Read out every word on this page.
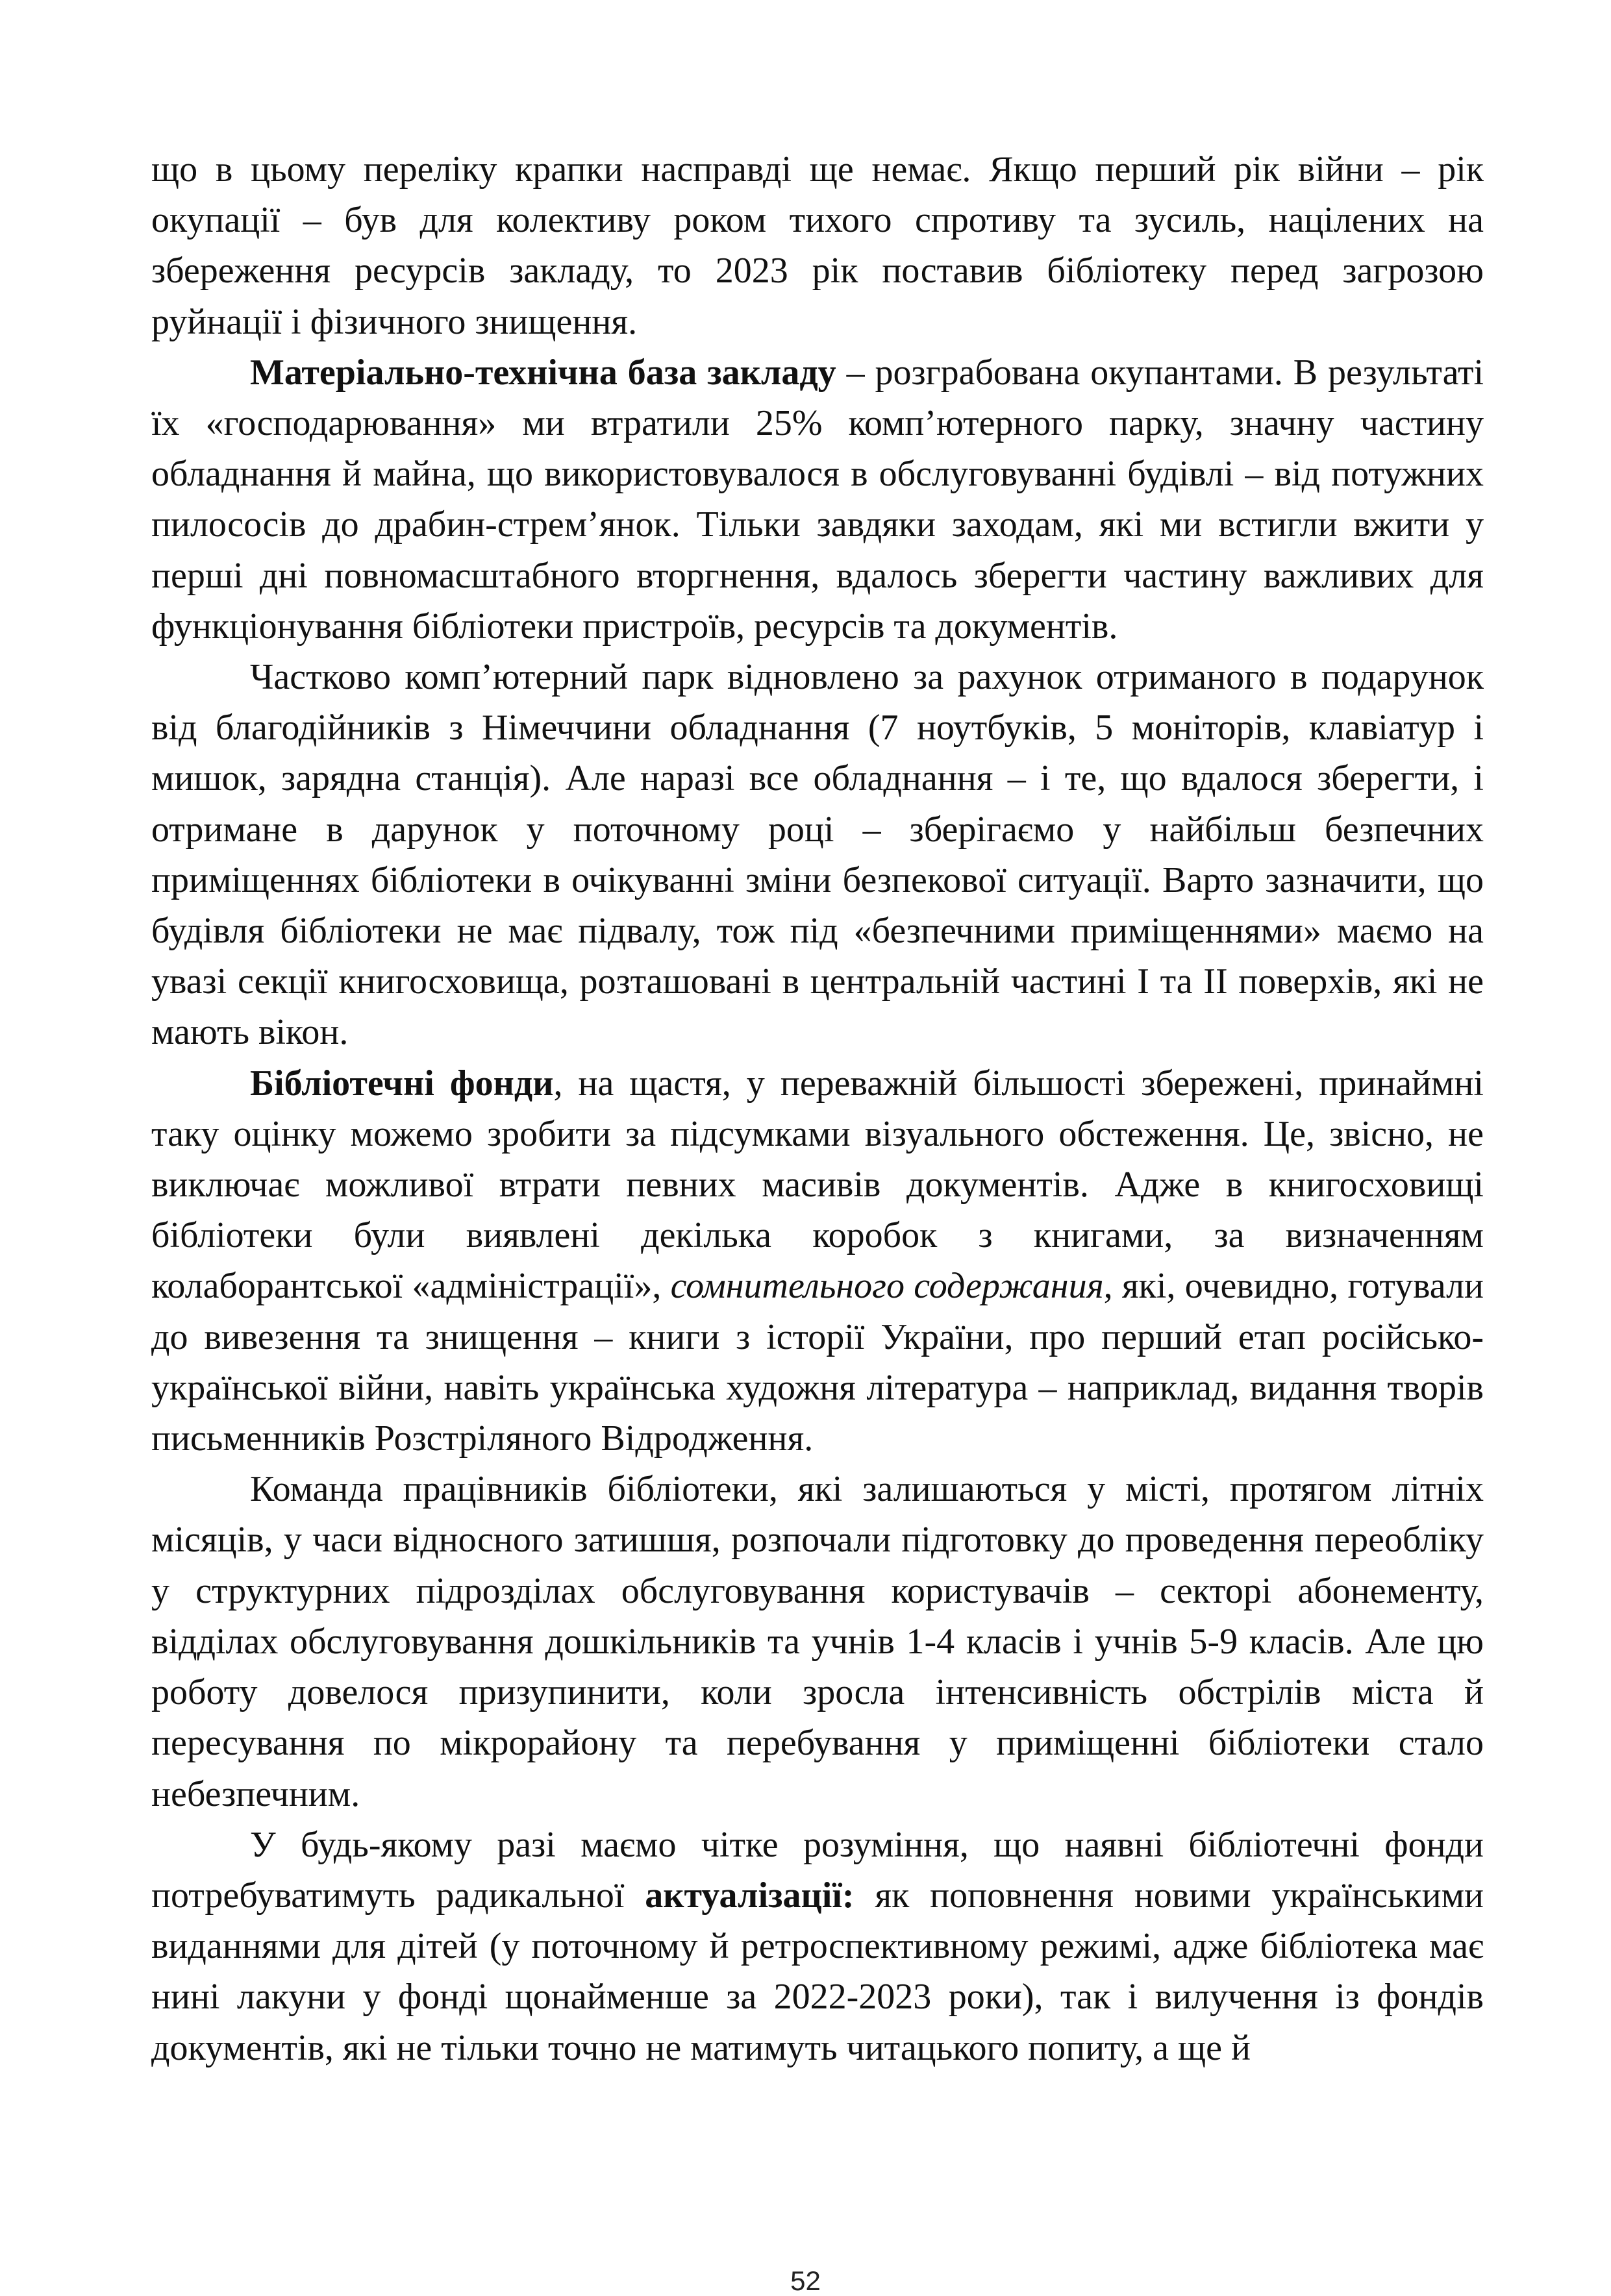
що в цьому переліку крапки насправді ще немає. Якщо перший рік війни – рік окупації – був для колективу роком тихого спротиву та зусиль, націлених на збереження ресурсів закладу, то 2023 рік поставив бібліотеку перед загрозою руйнації і фізичного знищення.

Матеріально-технічна база закладу – розграбована окупантами. В результаті їх «господарювання» ми втратили 25% комп’ютерного парку, значну частину обладнання й майна, що використовувалося в обслуговуванні будівлі – від потужних пилососів до драбин-стрем’янок. Тільки завдяки заходам, які ми встигли вжити у перші дні повномасштабного вторгнення, вдалось зберегти частину важливих для функціонування бібліотеки пристроїв, ресурсів та документів.

Частково комп’ютерний парк відновлено за рахунок отриманого в подарунок від благодійників з Німеччини обладнання (7 ноутбуків, 5 моніторів, клавіатур і мишок, зарядна станція). Але наразі все обладнання – і те, що вдалося зберегти, і отримане в дарунок у поточному році – зберігаємо у найбільш безпечних приміщеннях бібліотеки в очікуванні зміни безпекової ситуації. Варто зазначити, що будівля бібліотеки не має підвалу, тож під «безпечними приміщеннями» маємо на увазі секції книгосховища, розташовані в центральній частині I та II поверхів, які не мають вікон.

Бібліотечні фонди, на щастя, у переважній більшості збережені, принаймні таку оцінку можемо зробити за підсумками візуального обстеження. Це, звісно, не виключає можливої втрати певних масивів документів. Адже в книгосховищі бібліотеки були виявлені декілька коробок з книгами, за визначенням колаборантської «адміністрації», сомнительного содержания, які, очевидно, готували до вивезення та знищення – книги з історії України, про перший етап російсько-української війни, навіть українська художня література – наприклад, видання творів письменників Розстріляного Відродження.

Команда працівників бібліотеки, які залишаються у місті, протягом літніх місяців, у часи відносного затишшя, розпочали підготовку до проведення переобліку у структурних підрозділах обслуговування користувачів – секторі абонементу, відділах обслуговування дошкільників та учнів 1-4 класів і учнів 5-9 класів. Але цю роботу довелося призупинити, коли зросла інтенсивність обстрілів міста й пересування по мікрорайону та перебування у приміщенні бібліотеки стало небезпечним.

У будь-якому разі маємо чітке розуміння, що наявні бібліотечні фонди потребуватимуть радикальної актуалізації: як поповнення новими українськими виданнями для дітей (у поточному й ретроспективному режимі, адже бібліотека має нині лакуни у фонді щонайменше за 2022-2023 роки), так і вилучення із фондів документів, які не тільки точно не матимуть читацького попиту, а ще й

52
